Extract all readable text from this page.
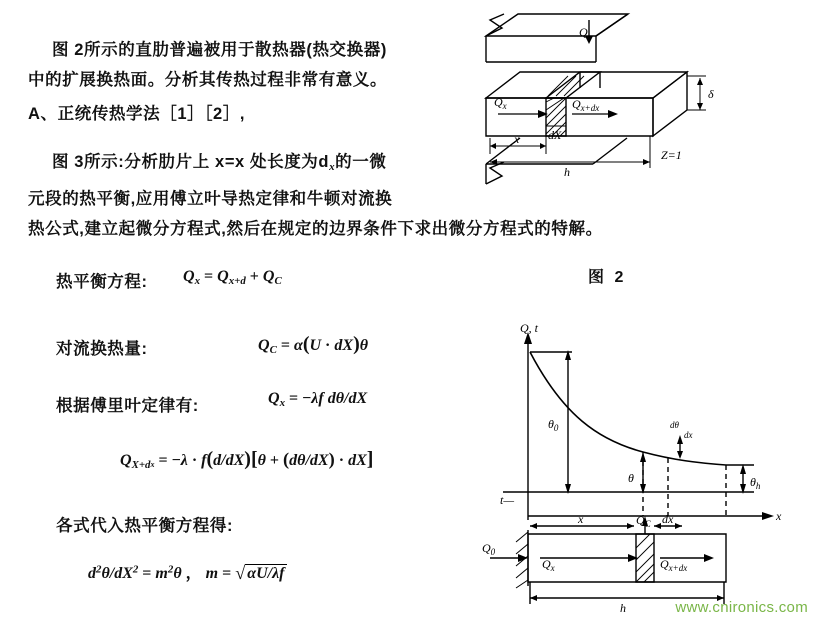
图 2所示的直肋普遍被用于散热器(热交换器)
中的扩展换热面。分析其传热过程非常有意义。
A、正统传热学法［1］［2］,
图 3所示:分析肋片上 x=x 处长度为$d_x$的一微
元段的热平衡,应用傅立叶导热定律和牛顿对流换
热公式,建立起微分方程式,然后在规定的边界条件下求出微分方程式的特解。
热平衡方程: $Q_x = Q_{x+d} + Q_C$
对流换热量:	$Q_C = \alpha(U \cdot dX)\theta$
根据傅里叶定律有:	$Q_x = -\lambda f$ dθ/dX
$Q_{X+dx} = -\lambda \cdot f(d/dX)[\theta + (d\theta/dX) \cdot dX]$
各式代入热平衡方程得:
$d^2\theta/dX^2 = m^2\theta$ ， m = √ αU/λf
Q
$Q_x$	$Q_{x+dx}$
dX
x
h
δ
Z=1
图 2
Q, t
x
$\theta_0$
θ	$\theta_h$
dθ
dx
t—
x	$Q_C$ dx
$Q_0$
$Q_x$	$Q_{x+dx}$
h	www.cnironics.com
